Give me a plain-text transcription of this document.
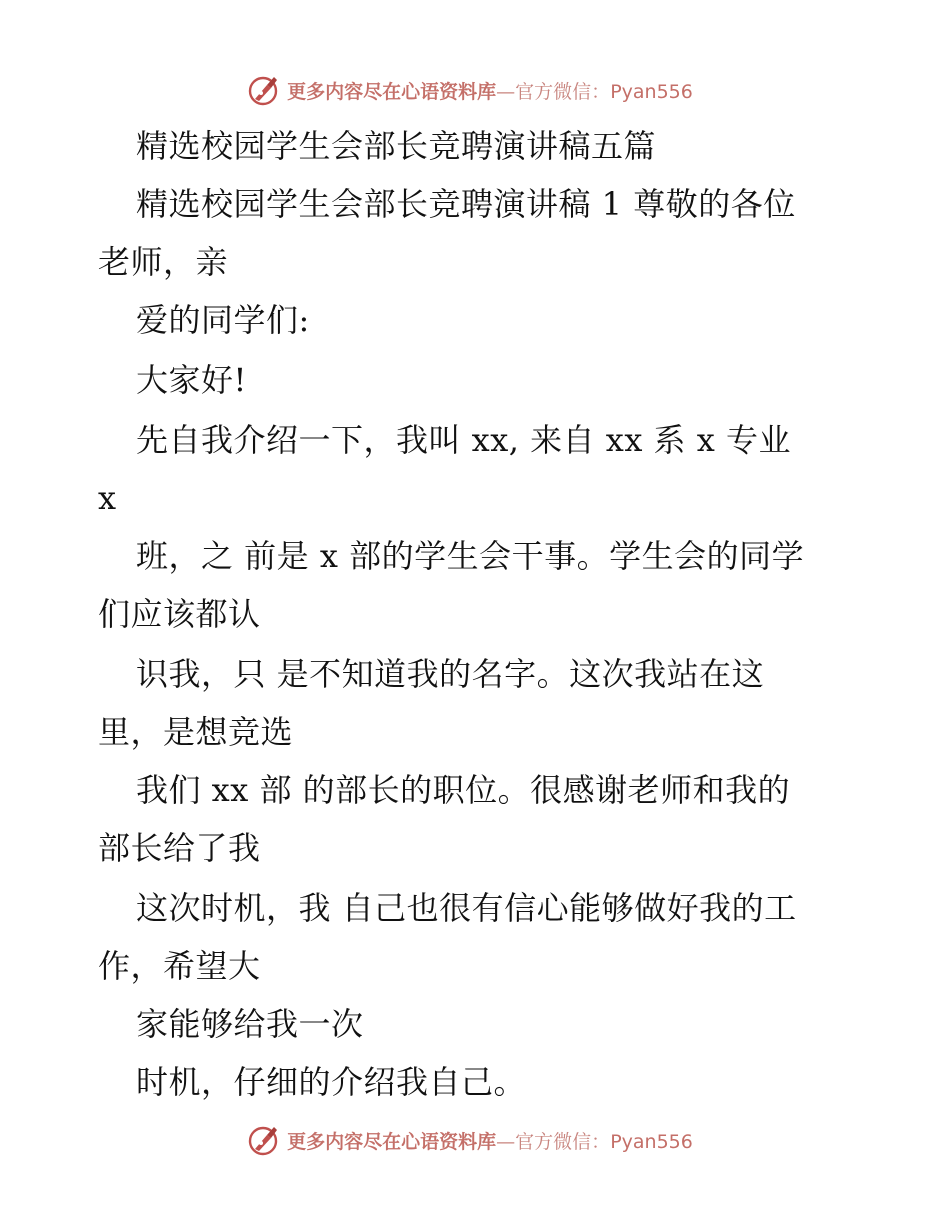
更多内容尽在心语资料库—官方微信：Pyan556
精选校园学生会部长竞聘演讲稿五篇
精选校园学生会部长竞聘演讲稿 1 尊敬的各位
老师，亲
爱的同学们:
大家好!
先自我介绍一下，我叫 xx, 来自 xx 系 x 专业
x
班，之 前是 x 部的学生会干事。学生会的同学
们应该都认
识我，只 是不知道我的名字。这次我站在这
里，是想竞选
我们 xx 部 的部长的职位。很感谢老师和我的
部长给了我
这次时机，我 自己也很有信心能够做好我的工
作，希望大
家能够给我一次
时机，仔细的介绍我自己。
更多内容尽在心语资料库—官方微信：Pyan556
